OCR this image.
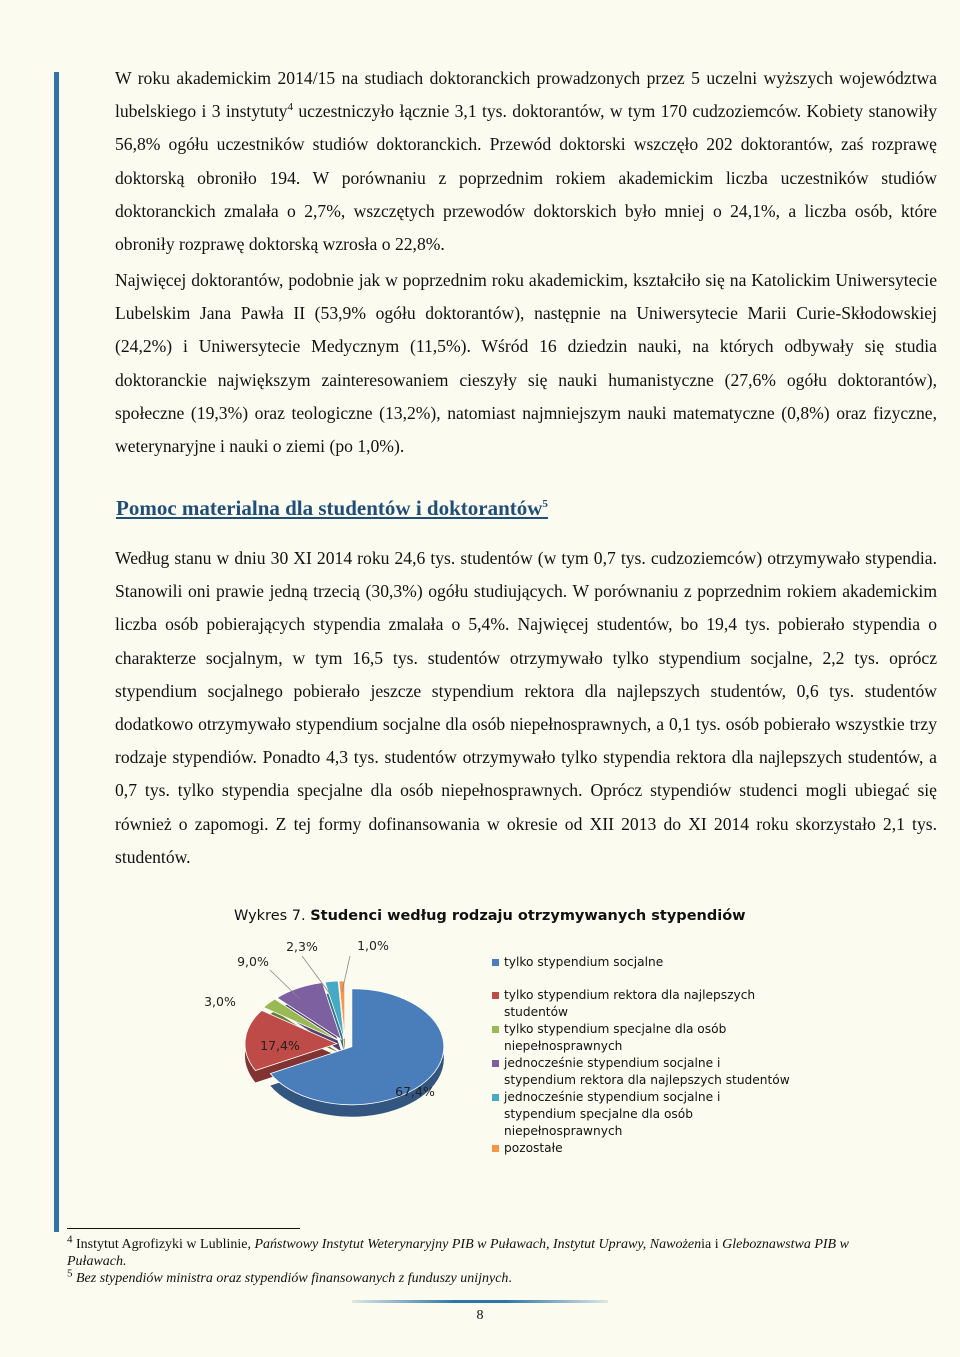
W roku akademickim 2014/15 na studiach doktoranckich prowadzonych przez 5 uczelni wyższych województwa lubelskiego i 3 instytuty$^4$ uczestniczyło łącznie 3,1 tys. doktorantów, w tym 170 cudzoziemców. Kobiety stanowiły 56,8% ogółu uczestników studiów doktoranckich. Przewód doktorski wszczęło 202 doktorantów, zaś rozprawę doktorską obroniło 194. W porównaniu z poprzednim rokiem akademickim liczba uczestników studiów doktoranckich zmalała o 2,7%, wszczętych przewodów doktorskich było mniej o 24,1%, a liczba osób, które obroniły rozprawę doktorską wzrosła o 22,8%.

Najwięcej doktorantów, podobnie jak w poprzednim roku akademickim, kształciło się na Katolickim Uniwersytecie Lubelskim Jana Pawła II (53,9% ogółu doktorantów), następnie na Uniwersytecie Marii Curie-Skłodowskiej (24,2%) i Uniwersytecie Medycznym (11,5%). Wśród 16 dziedzin nauki, na których odbywały się studia doktoranckie największym zainteresowaniem cieszyły się nauki humanistyczne (27,6% ogółu doktorantów), społeczne (19,3%) oraz teologiczne (13,2%), natomiast najmniejszym nauki matematyczne (0,8%) oraz fizyczne, weterynaryjne i nauki o ziemi (po 1,0%).

Pomoc materialna dla studentów i doktorantów$^5$

Według stanu w dniu 30 XI 2014 roku 24,6 tys. studentów (w tym 0,7 tys. cudzoziemców) otrzymywało stypendia. Stanowili oni prawie jedną trzecią (30,3%) ogółu studiujących. W porównaniu z poprzednim rokiem akademickim liczba osób pobierających stypendia zmalała o 5,4%. Najwięcej studentów, bo 19,4 tys. pobierało stypendia o charakterze socjalnym, w tym 16,5 tys. studentów otrzymywało tylko stypendium socjalne, 2,2 tys. oprócz stypendium socjalnego pobierało jeszcze stypendium rektora dla najlepszych studentów, 0,6 tys. studentów dodatkowo otrzymywało stypendium socjalne dla osób niepełnosprawnych, a 0,1 tys. osób pobierało wszystkie trzy rodzaje stypendiów. Ponadto 4,3 tys. studentów otrzymywało tylko stypendia rektora dla najlepszych studentów, a 0,7 tys. tylko stypendia specjalne dla osób niepełnosprawnych. Oprócz stypendiów studenci mogli ubiegać się również o zapomogi. Z tej formy dofinansowania w okresie od XII 2013 do XI 2014 roku skorzystało 2,1 tys. studentów.

Wykres 7. Studenci według rodzaju otrzymywanych stypendiów
67,4%
17,4%
3,0%
9,0%
2,3%	1,0%
tylko stypendium socjalne
tylko stypendium rektora dla najlepszych studentów
tylko stypendium specjalne dla osób niepełnosprawnych
jednocześnie stypendium socjalne i stypendium rektora dla najlepszych studentów
jednocześnie stypendium socjalne i stypendium specjalne dla osób niepełnosprawnych
pozostałe

$^4$ Instytut Agrofizyki w Lublinie, Państwowy Instytut Weterynaryjny PIB w Puławach, Instytut Uprawy, Nawożenia i Gleboznawstwa PIB w Puławach.

$^5$ Bez stypendiów ministra oraz stypendiów finansowanych z funduszy unijnych.

8
